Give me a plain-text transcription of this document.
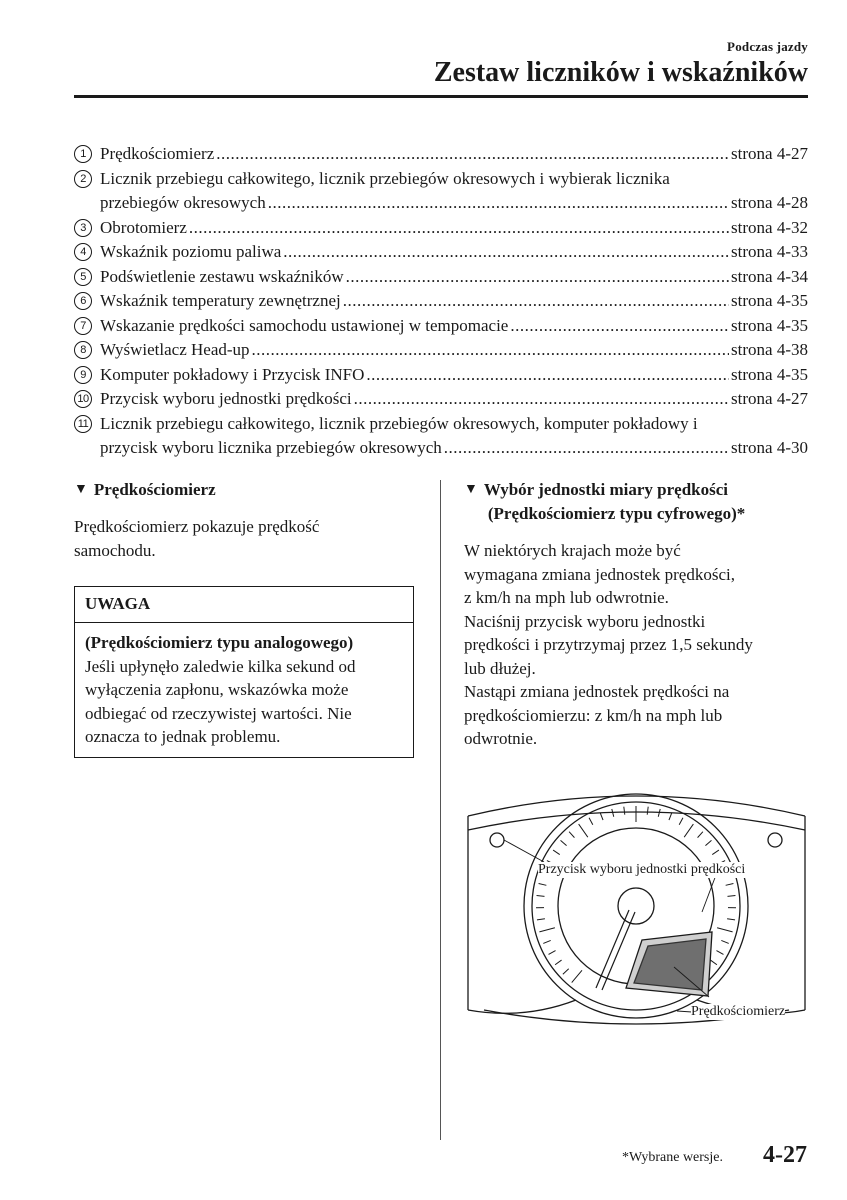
Podczas jazdy
Zestaw liczników i wskaźników
1 Prędkościomierz .....	strona 4-27
2 Licznik przebiegu całkowitego, licznik przebiegów okresowych i wybierak licznika
przebiegów okresowych .....	strona 4-28
3 Obrotomierz .....	strona 4-32
4 Wskaźnik poziomu paliwa .....	strona 4-33
5 Podświetlenie zestawu wskaźników .....	strona 4-34
6 Wskaźnik temperatury zewnętrznej .....	strona 4-35
7 Wskazanie prędkości samochodu ustawionej w tempomacie .....	strona 4-35
8 Wyświetlacz Head-up .....	strona 4-38
9 Komputer pokładowy i Przycisk INFO .....	strona 4-35
10 Przycisk wyboru jednostki prędkości .....	strona 4-27
11 Licznik przebiegu całkowitego, licznik przebiegów okresowych, komputer pokładowy i
przycisk wyboru licznika przebiegów okresowych .....	strona 4-30
▼ Prędkościomierz
Prędkościomierz pokazuje prędkość
samochodu.
UWAGA
(Prędkościomierz typu analogowego)
Jeśli upłynęło zaledwie kilka sekund od
wyłączenia zapłonu, wskazówka może
odbiegać od rzeczywistej wartości. Nie
oznacza to jednak problemu.
▼ Wybór jednostki miary prędkości
(Prędkościomierz typu cyfrowego)*
W niektórych krajach może być
wymagana zmiana jednostek prędkości,
z km/h na mph lub odwrotnie.
Naciśnij przycisk wyboru jednostki
prędkości i przytrzymaj przez 1,5 sekundy
lub dłużej.
Nastąpi zmiana jednostek prędkości na
prędkościomierzu: z km/h na mph lub
odwrotnie.
Przycisk wyboru jednostki prędkości
Prędkościomierz
*Wybrane wersje. 4-27
